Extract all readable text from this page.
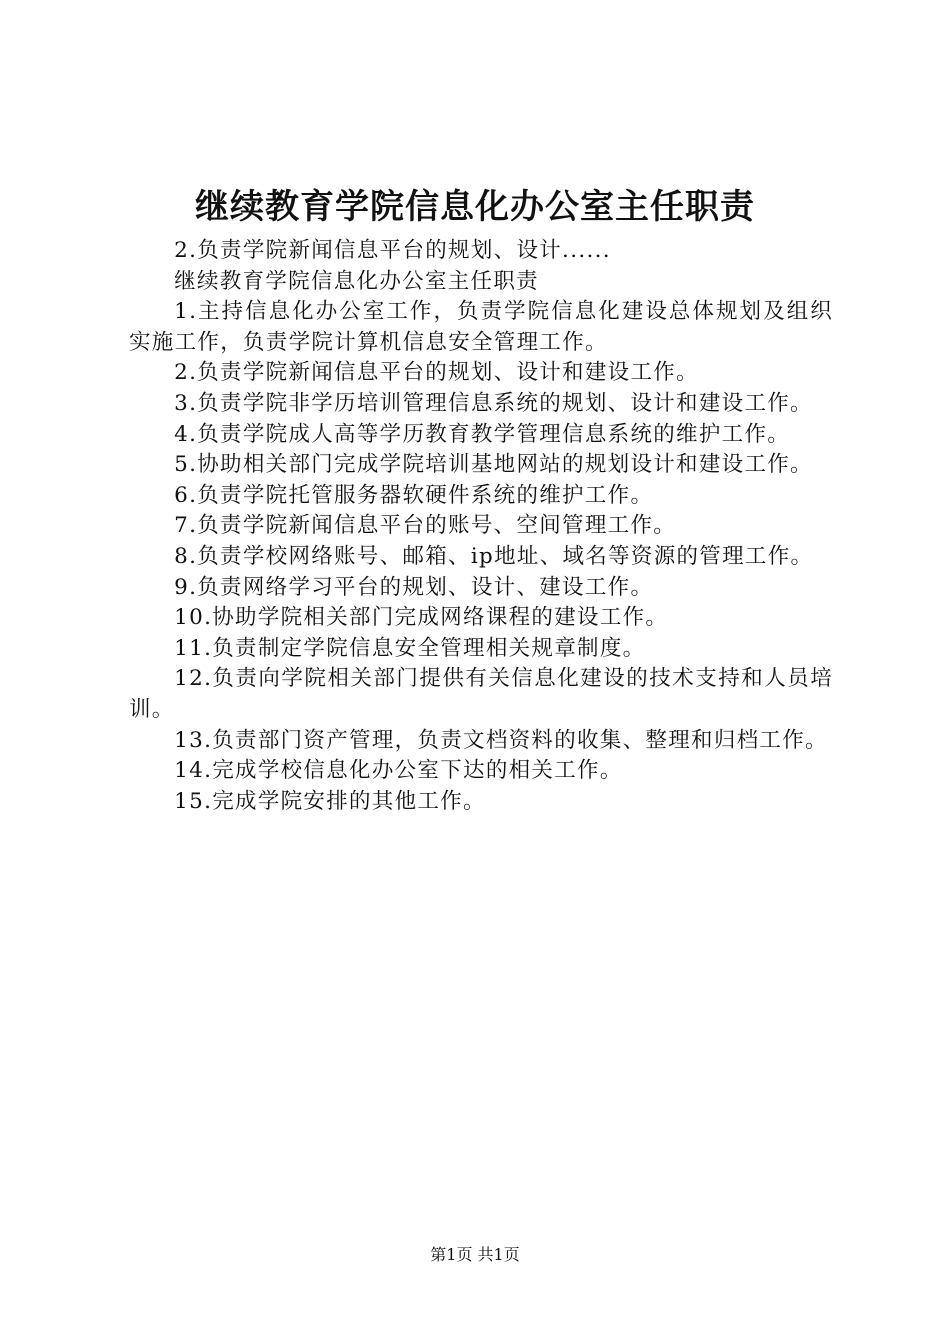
继续教育学院信息化办公室主任职责

2.负责学院新闻信息平台的规划、设计......

继续教育学院信息化办公室主任职责

1.主持信息化办公室工作，负责学院信息化建设总体规划及组织实施工作，负责学院计算机信息安全管理工作。

2.负责学院新闻信息平台的规划、设计和建设工作。

3.负责学院非学历培训管理信息系统的规划、设计和建设工作。

4.负责学院成人高等学历教育教学管理信息系统的维护工作。

5.协助相关部门完成学院培训基地网站的规划设计和建设工作。

6.负责学院托管服务器软硬件系统的维护工作。

7.负责学院新闻信息平台的账号、空间管理工作。

8.负责学校网络账号、邮箱、ip地址、域名等资源的管理工作。

9.负责网络学习平台的规划、设计、建设工作。

10.协助学院相关部门完成网络课程的建设工作。

11.负责制定学院信息安全管理相关规章制度。

12.负责向学院相关部门提供有关信息化建设的技术支持和人员培训。

13.负责部门资产管理，负责文档资料的收集、整理和归档工作。

14.完成学校信息化办公室下达的相关工作。

15.完成学院安排的其他工作。

第1页 共1页
